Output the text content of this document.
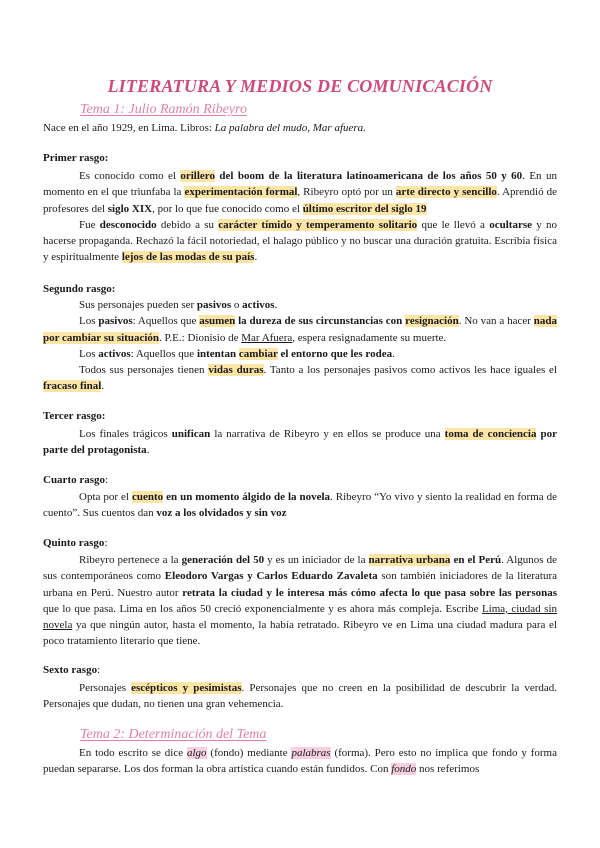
LITERATURA Y MEDIOS DE COMUNICACIÓN
Tema 1: Julio Ramón Ribeyro

Nace en el año 1929, en Lima. Libros: La palabra del mudo, Mar afuera.

Primer rasgo:

Es conocido como el orillero del boom de la literatura latinoamericana de los años 50 y 60. En un momento en el que triunfaba la experimentación formal, Ribeyro optó por un arte directo y sencillo. Aprendió de profesores del siglo XIX, por lo que fue conocido como el último escritor del siglo 19

Fue desconocido debido a su carácter tímido y temperamento solitario que le llevó a ocultarse y no hacerse propaganda. Rechazó la fácil notoriedad, el halago público y no buscar una duración gratuita. Escribía física y espiritualmente lejos de las modas de su país.

Segundo rasgo:

Sus personajes pueden ser pasivos o activos.

Los pasivos: Aquellos que asumen la dureza de sus circunstancias con resignación. No van a hacer nada por cambiar su situación. P.E.: Dionisio de Mar Afuera, espera resignadamente su muerte.

Los activos: Aquellos que intentan cambiar el entorno que les rodea.

Todos sus personajes tienen vidas duras. Tanto a los personajes pasivos como activos les hace iguales el fracaso final.

Tercer rasgo:

Los finales trágicos unifican la narrativa de Ribeyro y en ellos se produce una toma de conciencia por parte del protagonista.

Cuarto rasgo:

Opta por el cuento en un momento álgido de la novela. Ribeyro “Yo vivo y siento la realidad en forma de cuento”. Sus cuentos dan voz a los olvidados y sin voz

Quinto rasgo:

Ribeyro pertenece a la generación del 50 y es un iniciador de la narrativa urbana en el Perú. Algunos de sus contemporáneos como Eleodoro Vargas y Carlos Eduardo Zavaleta son también iniciadores de la literatura urbana en Perú. Nuestro autor retrata la ciudad y le interesa más cómo afecta lo que pasa sobre las personas que lo que pasa. Lima en los años 50 creció exponencialmente y es ahora más compleja. Escribe Lima, ciudad sin novela ya que ningún autor, hasta el momento, la había retratado. Ribeyro ve en Lima una ciudad madura para el poco tratamiento literario que tiene.

Sexto rasgo:

Personajes escépticos y pesimistas. Personajes que no creen en la posibilidad de descubrir la verdad. Personajes que dudan, no tienen una gran vehemencia.

Tema 2: Determinación del Tema

En todo escrito se dice algo (fondo) mediante palabras (forma). Pero esto no implica que fondo y forma puedan separarse. Los dos forman la obra artística cuando están fundidos. Con fondo nos referimos
